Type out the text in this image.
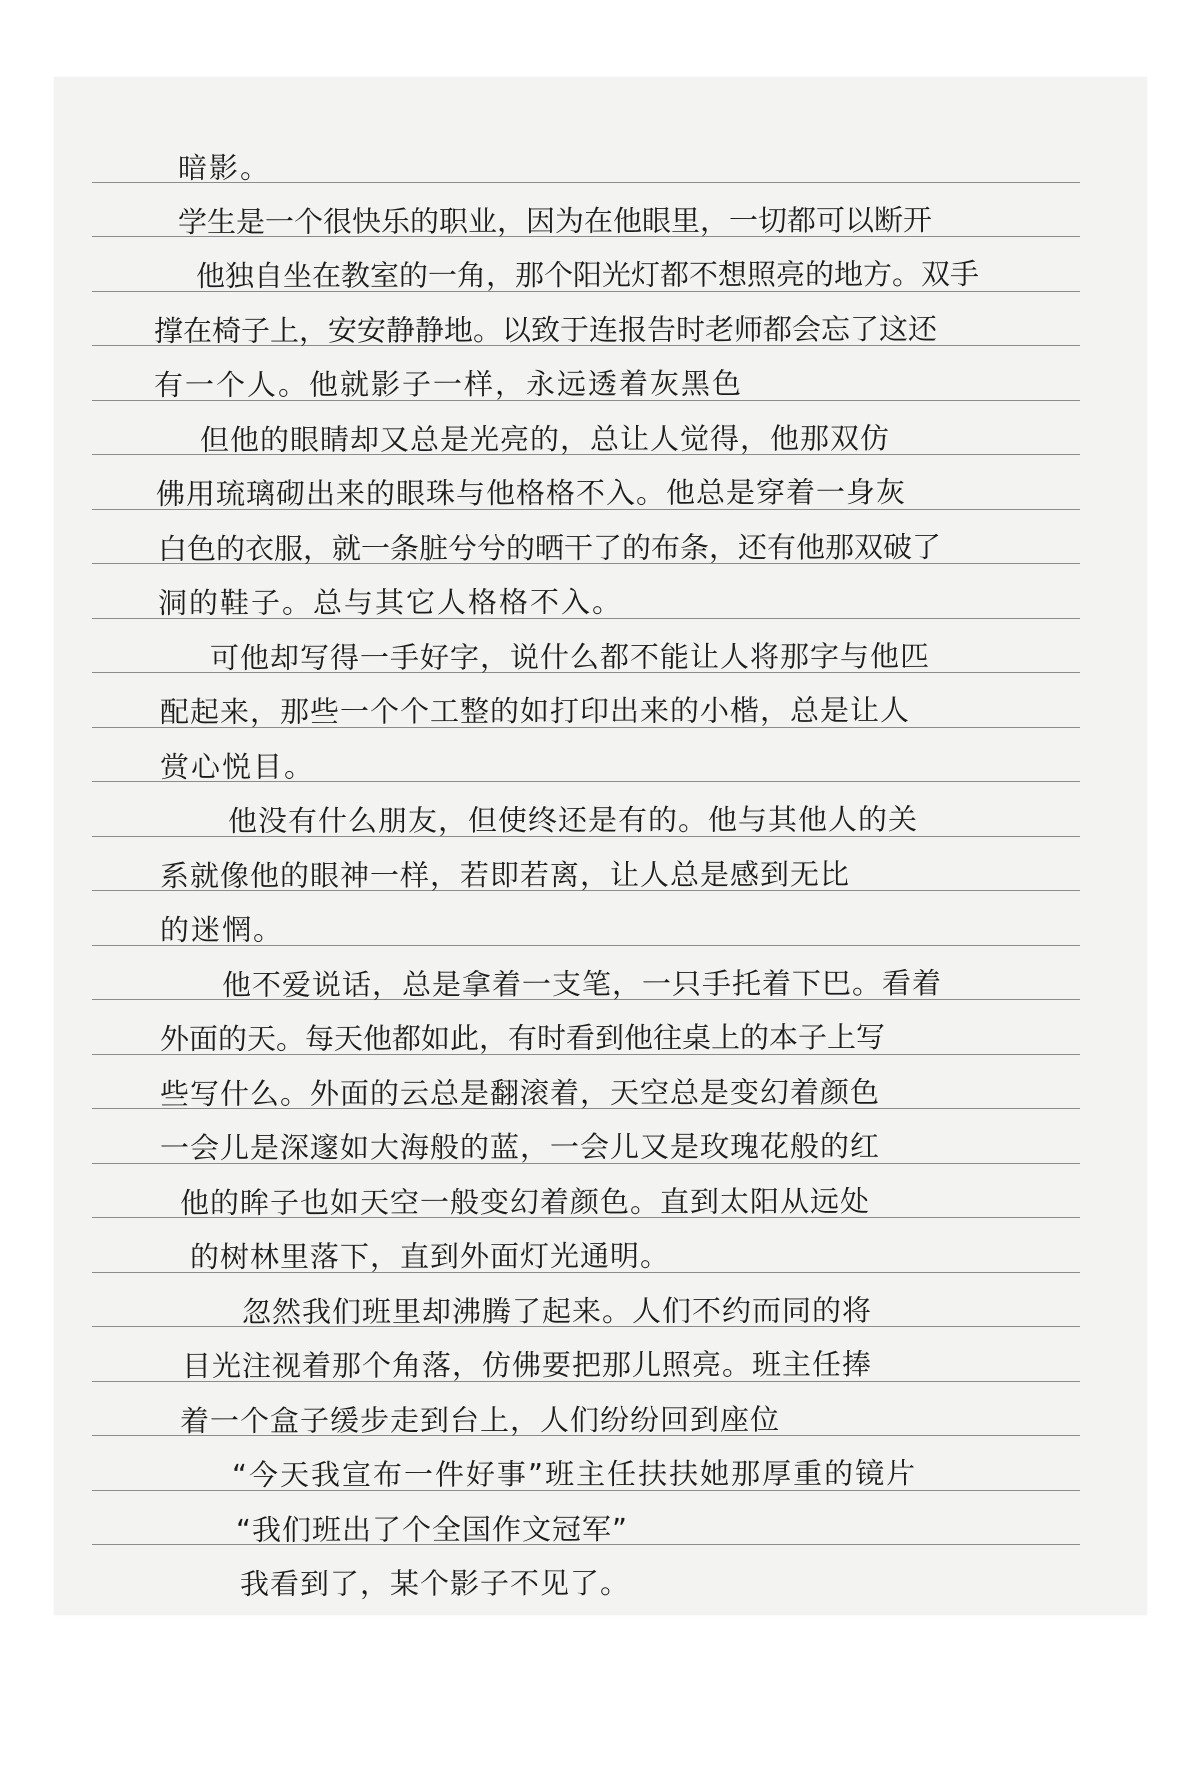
暗影。
学生是一个很快乐的职业，因为在他眼里，一切都可以断开
他独自坐在教室的一角，那个阳光灯都不想照亮的地方。双手
撑在椅子上，安安静静地。以致于连报告时老师都会忘了这还
有一个人。他就影子一样，永远透着灰黑色
但他的眼睛却又总是光亮的，总让人觉得，他那双仿
佛用琉璃砌出来的眼珠与他格格不入。他总是穿着一身灰
白色的衣服，就一条脏兮兮的晒干了的布条，还有他那双破了
洞的鞋子。总与其它人格格不入。
可他却写得一手好字，说什么都不能让人将那字与他匹
配起来，那些一个个工整的如打印出来的小楷，总是让人
赏心悦目。
他没有什么朋友，但使终还是有的。他与其他人的关
系就像他的眼神一样，若即若离，让人总是感到无比
的迷惘。
他不爱说话，总是拿着一支笔，一只手托着下巴。看着
外面的天。每天他都如此，有时看到他往桌上的本子上写
些写什么。外面的云总是翻滚着，天空总是变幻着颜色
一会儿是深邃如大海般的蓝，一会儿又是玫瑰花般的红
他的眸子也如天空一般变幻着颜色。直到太阳从远处
的树林里落下，直到外面灯光通明。
忽然我们班里却沸腾了起来。人们不约而同的将
目光注视着那个角落，仿佛要把那儿照亮。班主任捧
着一个盒子缓步走到台上，人们纷纷回到座位
“今天我宣布一件好事”班主任扶扶她那厚重的镜片
“我们班出了个全国作文冠军”
我看到了，某个影子不见了。
